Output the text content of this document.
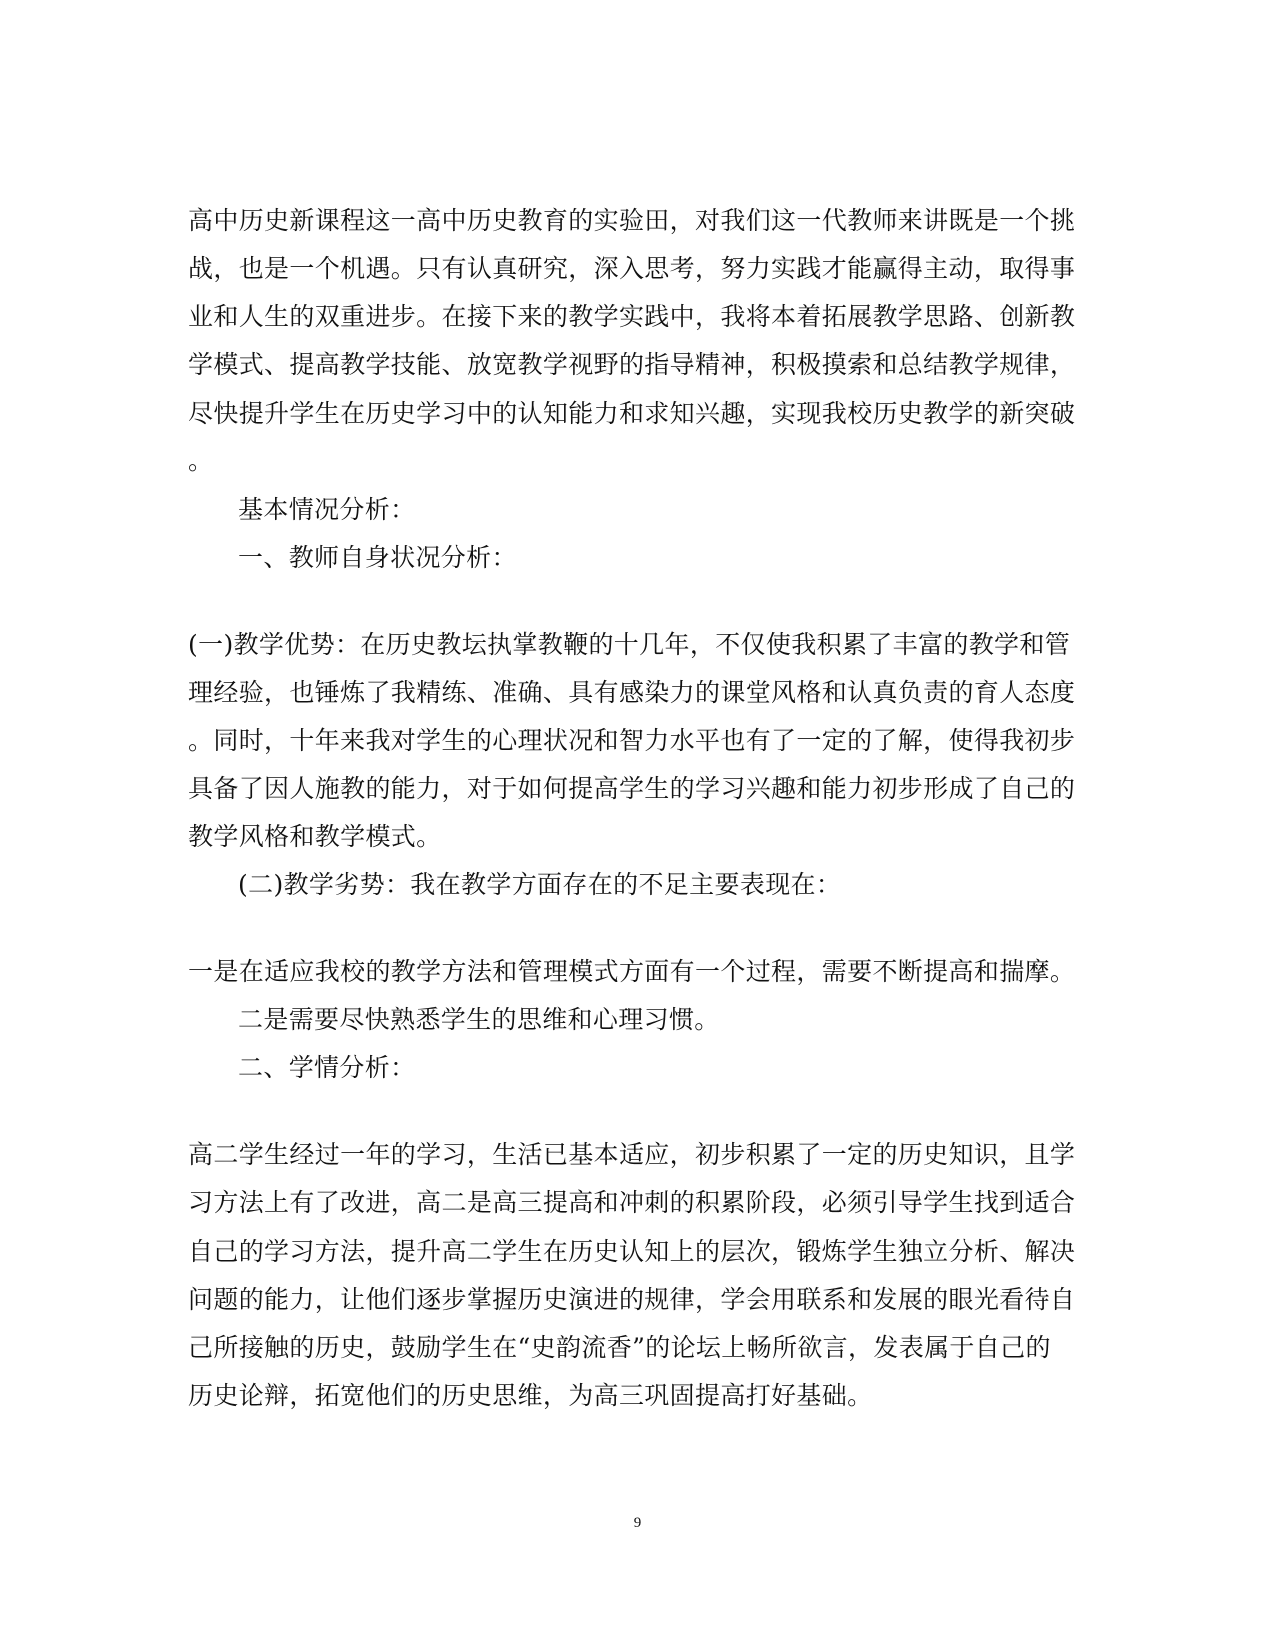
高中历史新课程这一高中历史教育的实验田，对我们这一代教师来讲既是一个挑
战，也是一个机遇。只有认真研究，深入思考，努力实践才能赢得主动，取得事
业和人生的双重进步。在接下来的教学实践中，我将本着拓展教学思路、创新教
学模式、提高教学技能、放宽教学视野的指导精神，积极摸索和总结教学规律，
尽快提升学生在历史学习中的认知能力和求知兴趣，实现我校历史教学的新突破
。
基本情况分析：
一、教师自身状况分析：
(一)教学优势：在历史教坛执掌教鞭的十几年，不仅使我积累了丰富的教学和管
理经验，也锤炼了我精练、准确、具有感染力的课堂风格和认真负责的育人态度
。同时，十年来我对学生的心理状况和智力水平也有了一定的了解，使得我初步
具备了因人施教的能力，对于如何提高学生的学习兴趣和能力初步形成了自己的
教学风格和教学模式。
(二)教学劣势：我在教学方面存在的不足主要表现在：
一是在适应我校的教学方法和管理模式方面有一个过程，需要不断提高和揣摩。
二是需要尽快熟悉学生的思维和心理习惯。
二、学情分析：
高二学生经过一年的学习，生活已基本适应，初步积累了一定的历史知识，且学
习方法上有了改进，高二是高三提高和冲刺的积累阶段，必须引导学生找到适合
自己的学习方法，提升高二学生在历史认知上的层次，锻炼学生独立分析、解决
问题的能力，让他们逐步掌握历史演进的规律，学会用联系和发展的眼光看待自
己所接触的历史，鼓励学生在“史韵流香”的论坛上畅所欲言，发表属于自己的
历史论辩，拓宽他们的历史思维，为高三巩固提高打好基础。
9
